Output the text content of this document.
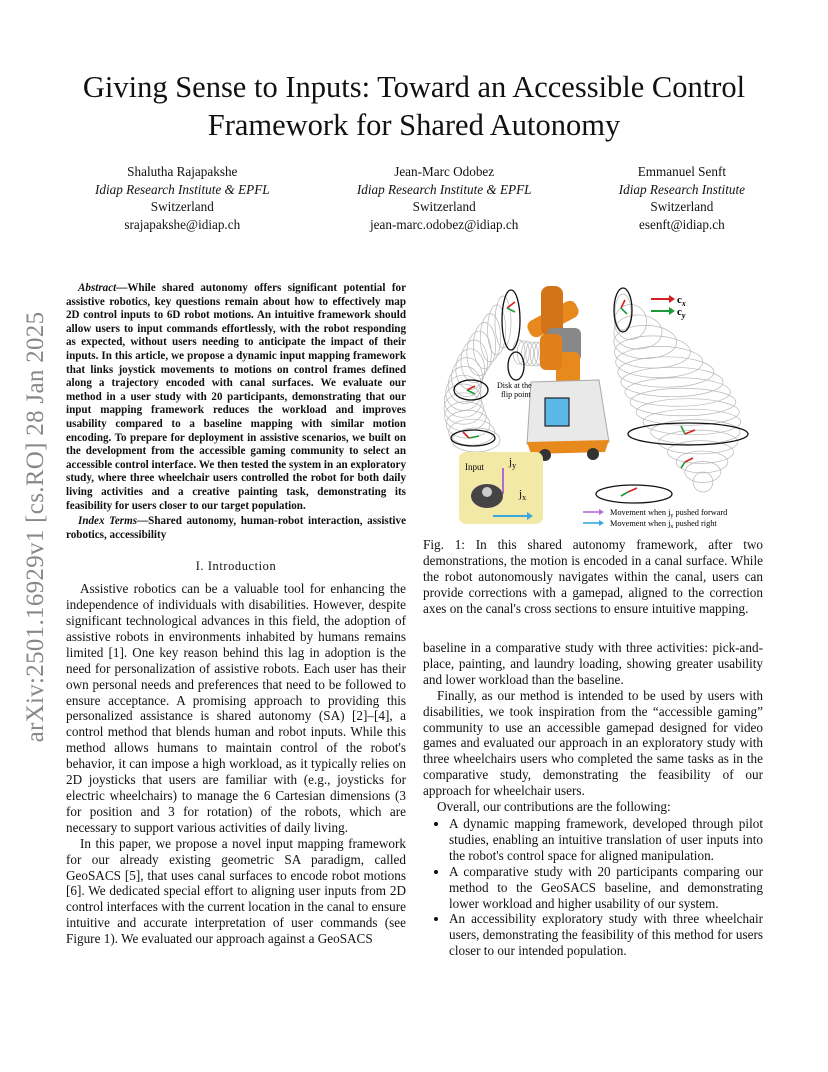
arXiv:2501.16929v1 [cs.RO] 28 Jan 2025
Giving Sense to Inputs: Toward an Accessible Control Framework for Shared Autonomy
Shalutha Rajapakshe
Idiap Research Institute & EPFL
Switzerland
srajapakshe@idiap.ch
Jean-Marc Odobez
Idiap Research Institute & EPFL
Switzerland
jean-marc.odobez@idiap.ch
Emmanuel Senft
Idiap Research Institute
Switzerland
esenft@idiap.ch

Abstract—While shared autonomy offers significant potential for assistive robotics, key questions remain about how to effectively map 2D control inputs to 6D robot motions. An intuitive framework should allow users to input commands effortlessly, with the robot responding as expected, without users needing to anticipate the impact of their inputs. In this article, we propose a dynamic input mapping framework that links joystick movements to motions on control frames defined along a trajectory encoded with canal surfaces. We evaluate our method in a user study with 20 participants, demonstrating that our input mapping framework reduces the workload and improves usability compared to a baseline mapping with similar motion encoding. To prepare for deployment in assistive scenarios, we built on the development from the accessible gaming community to select an accessible control interface. We then tested the system in an exploratory study, where three wheelchair users controlled the robot for both daily living activities and a creative painting task, demonstrating its feasibility for users closer to our target population.

Index Terms—Shared autonomy, human-robot interaction, assistive robotics, accessibility

I. Introduction

Assistive robotics can be a valuable tool for enhancing the independence of individuals with disabilities. However, despite significant technological advances in this field, the adoption of assistive robots in environments inhabited by humans remains limited [1]. One key reason behind this lag in adoption is the need for personalization of assistive robots. Each user has their own personal needs and preferences that need to be followed to ensure acceptance. A promising approach to providing this personalized assistance is shared autonomy (SA) [2]–[4], a control method that blends human and robot inputs. While this method allows humans to maintain control of the robot's behavior, it can impose a high workload, as it typically relies on 2D joysticks that users are familiar with (e.g., joysticks for electric wheelchairs) to manage the 6 Cartesian dimensions (3 for position and 3 for rotation) of the robots, which are necessary to support various activities of daily living.

In this paper, we propose a novel input mapping framework for our already existing geometric SA paradigm, called GeoSACS [5], that uses canal surfaces to encode robot motions [6]. We dedicated special effort to aligning user inputs from 2D control interfaces with the current location in the canal to ensure intuitive and accurate interpretation of user commands (see Figure 1). We evaluated our approach against a GeoSACS

$c_x$
$c_y$
Disk at the
flip point
Input $j_y$
$j_x$
Movement when $j_y$ pushed forward
Movement when $j_x$ pushed right
Fig. 1: In this shared autonomy framework, after two demonstrations, the motion is encoded in a canal surface. While the robot autonomously navigates within the canal, users can provide corrections with a gamepad, aligned to the correction axes on the canal's cross sections to ensure intuitive mapping.

baseline in a comparative study with three activities: pick-and-place, painting, and laundry loading, showing greater usability and lower workload than the baseline.

Finally, as our method is intended to be used by users with disabilities, we took inspiration from the “accessible gaming” community to use an accessible gamepad designed for video games and evaluated our approach in an exploratory study with three wheelchairs users who completed the same tasks as in the comparative study, demonstrating the feasibility of our approach for wheelchair users.

Overall, our contributions are the following:

• A dynamic mapping framework, developed through pilot studies, enabling an intuitive translation of user inputs into the robot's control space for aligned manipulation.
• A comparative study with 20 participants comparing our method to the GeoSACS baseline, and demonstrating lower workload and higher usability of our system.
• An accessibility exploratory study with three wheelchair users, demonstrating the feasibility of this method for users closer to our intended population.
